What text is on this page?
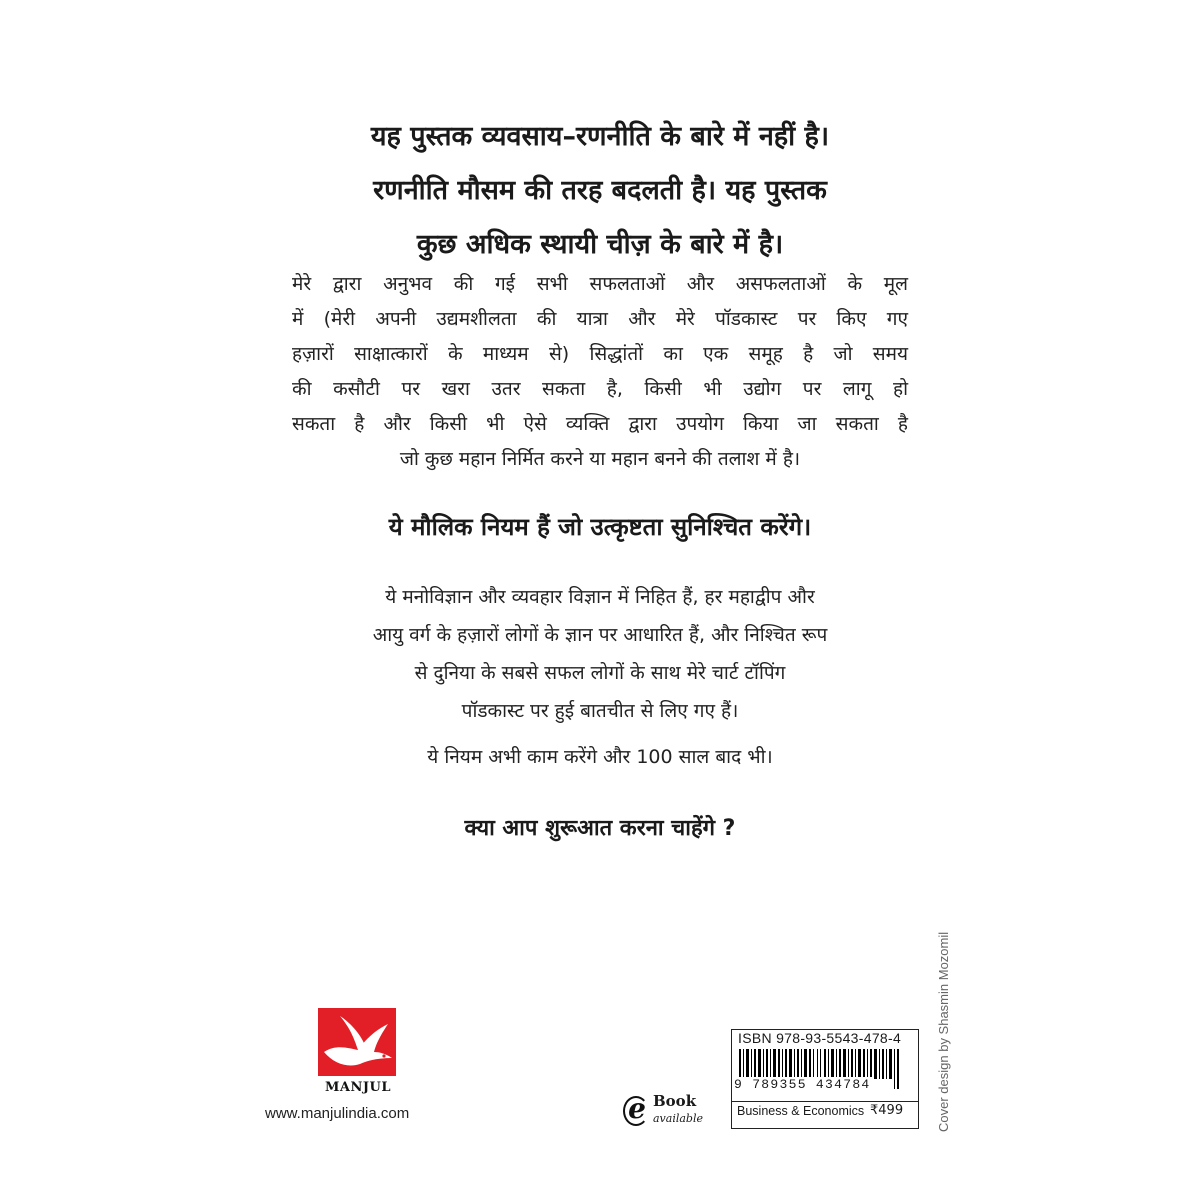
यह पुस्तक व्यवसाय–रणनीति के बारे में नहीं है।
रणनीति मौसम की तरह बदलती है। यह पुस्तक
कुछ अधिक स्थायी चीज़ के बारे में है।

मेरे द्वारा अनुभव की गई सभी सफलताओं और असफलताओं के मूल
में (मेरी अपनी उद्यमशीलता की यात्रा और मेरे पॉडकास्ट पर किए गए
हज़ारों साक्षात्कारों के माध्यम से) सिद्धांतों का एक समूह है जो समय
की कसौटी पर खरा उतर सकता है, किसी भी उद्योग पर लागू हो
सकता है और किसी भी ऐसे व्यक्ति द्वारा उपयोग किया जा सकता है
जो कुछ महान निर्मित करने या महान बनने की तलाश में है।

ये मौलिक नियम हैं जो उत्कृष्टता सुनिश्चित करेंगे।

ये मनोविज्ञान और व्यवहार विज्ञान में निहित हैं, हर महाद्वीप और
आयु वर्ग के हज़ारों लोगों के ज्ञान पर आधारित हैं, और निश्चित रूप
से दुनिया के सबसे सफल लोगों के साथ मेरे चार्ट टॉपिंग
पॉडकास्ट पर हुई बातचीत से लिए गए हैं।

ये नियम अभी काम करेंगे और 100 साल बाद भी।

क्या आप शुरूआत करना चाहेंगे ?

MANJUL
www.manjulindia.com	e Book
available
ISBN 978-93-5543-478-4
9 789355 434784
Business & Economics ₹499	Cover design by Shasmin Mozomil
